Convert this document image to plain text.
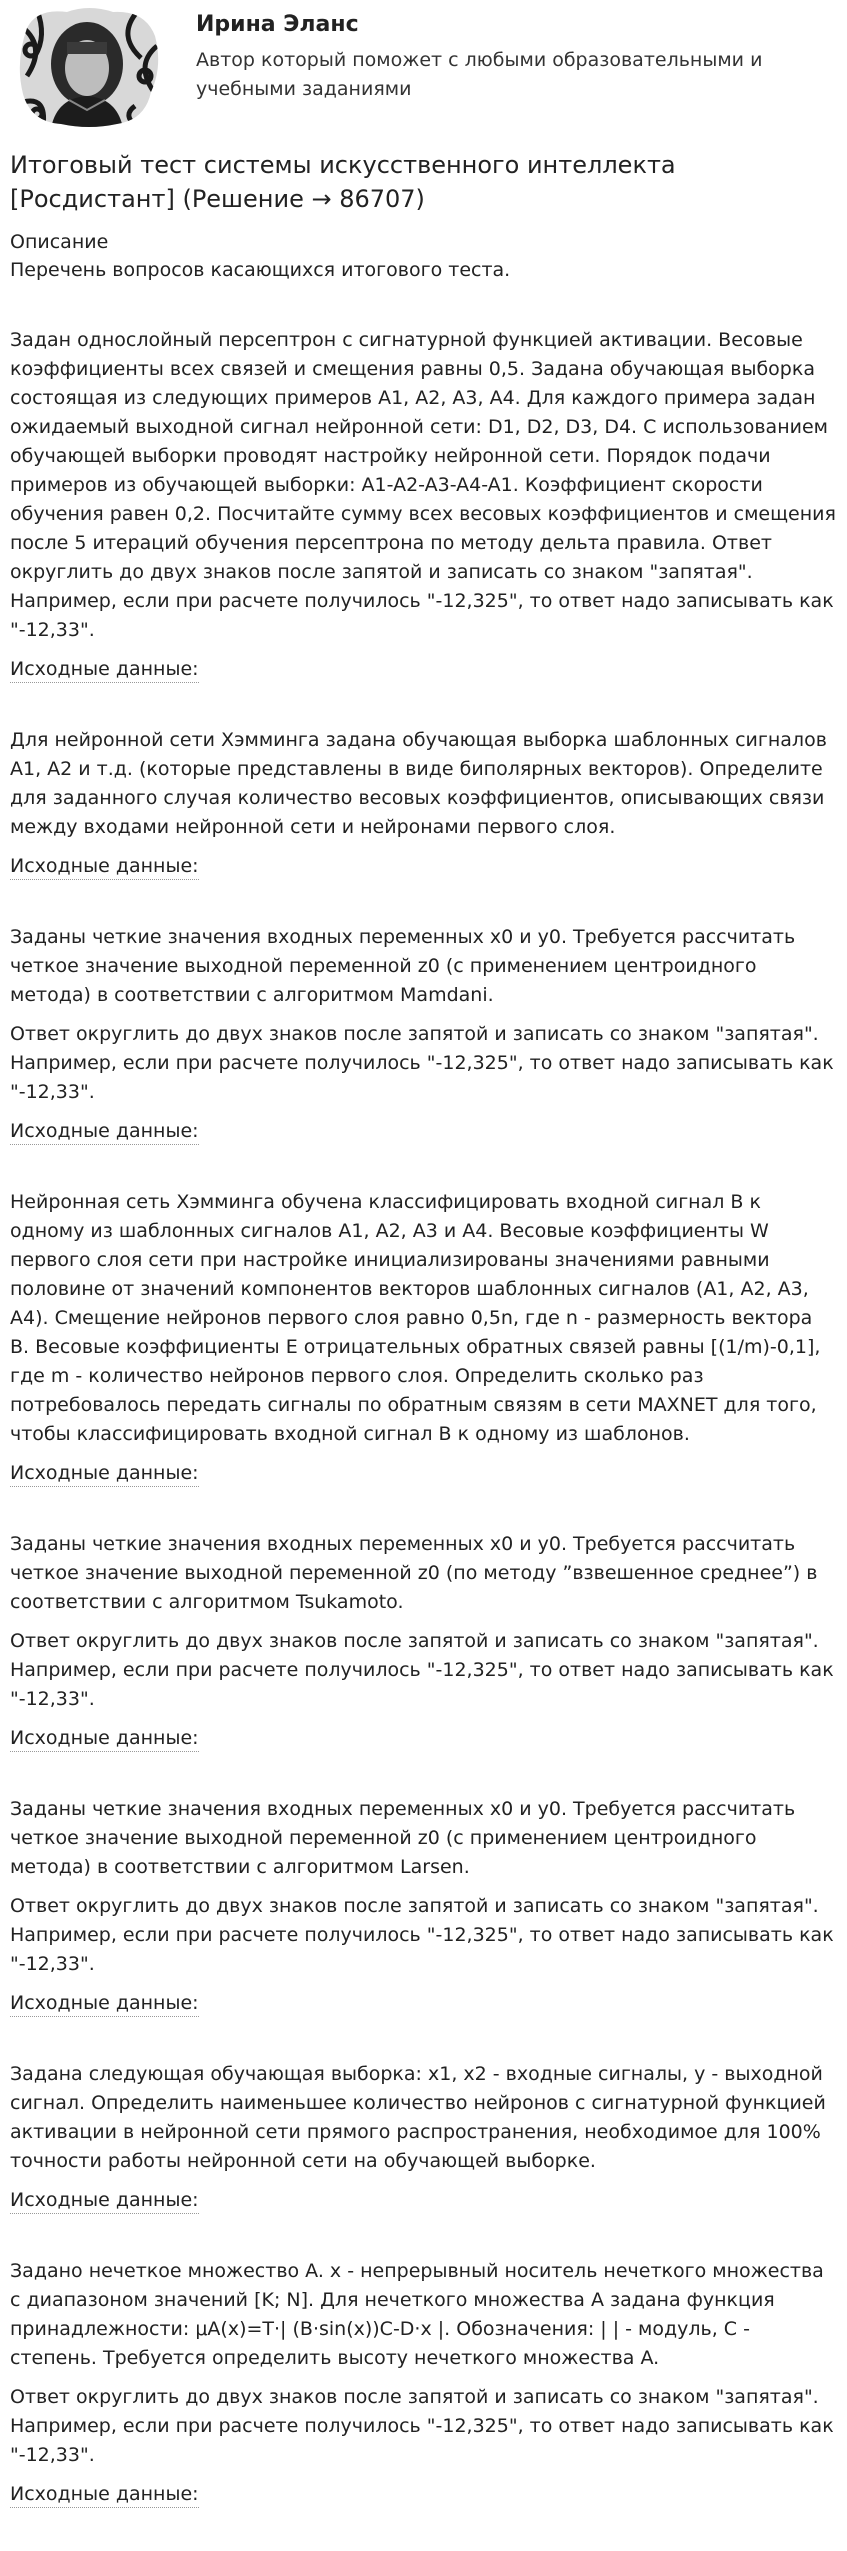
Ирина Эланс

Автор который поможет с любыми образовательными и учебными заданиями

Итоговый тест системы искусственного интеллекта [Росдистант] (Решение → 86707)

Описание

Перечень вопросов касающихся итогового теста.

Задан однослойный персептрон с сигнатурной функцией активации. Весовые коэффициенты всех связей и смещения равны 0,5. Задана обучающая выборка состоящая из следующих примеров A1, A2, A3, A4. Для каждого примера задан ожидаемый выходной сигнал нейронной сети: D1, D2, D3, D4. С использованием обучающей выборки проводят настройку нейронной сети. Порядок подачи примеров из обучающей выборки: A1-A2-A3-A4-A1. Коэффициент скорости обучения равен 0,2. Посчитайте сумму всех весовых коэффициентов и смещения после 5 итераций обучения персептрона по методу дельта правила. Ответ округлить до двух знаков после запятой и записать со знаком "запятая". Например, если при расчете получилось "-12,325", то ответ надо записывать как "-12,33".

Исходные данные:

Для нейронной сети Хэмминга задана обучающая выборка шаблонных сигналов A1, A2 и т.д. (которые представлены в виде биполярных векторов). Определите для заданного случая количество весовых коэффициентов, описывающих связи между входами нейронной сети и нейронами первого слоя.

Исходные данные:

Заданы четкие значения входных переменных x0 и y0. Требуется рассчитать четкое значение выходной переменной z0 (с применением центроидного метода) в соответствии с алгоритмом Mamdani.

Ответ округлить до двух знаков после запятой и записать со знаком "запятая". Например, если при расчете получилось "-12,325", то ответ надо записывать как "-12,33".

Исходные данные:

Нейронная сеть Хэмминга обучена классифицировать входной сигнал B к одному из шаблонных сигналов A1, A2, A3 и A4. Весовые коэффициенты W первого слоя сети при настройке инициализированы значениями равными половине от значений компонентов векторов шаблонных сигналов (A1, A2, A3, A4). Смещение нейронов первого слоя равно 0,5n, где n - размерность вектора B. Весовые коэффициенты E отрицательных обратных связей равны [(1/m)-0,1], где m - количество нейронов первого слоя. Определить сколько раз потребовалось передать сигналы по обратным связям в сети MAXNET для того, чтобы классифицировать входной сигнал B к одному из шаблонов.

Исходные данные:

Заданы четкие значения входных переменных x0 и y0. Требуется рассчитать четкое значение выходной переменной z0 (по методу ”взвешенное среднее”) в соответствии с алгоритмом Tsukamoto.

Ответ округлить до двух знаков после запятой и записать со знаком "запятая". Например, если при расчете получилось "-12,325", то ответ надо записывать как "-12,33".

Исходные данные:

Заданы четкие значения входных переменных x0 и y0. Требуется рассчитать четкое значение выходной переменной z0 (с применением центроидного метода) в соответствии с алгоритмом Larsen.

Ответ округлить до двух знаков после запятой и записать со знаком "запятая". Например, если при расчете получилось "-12,325", то ответ надо записывать как "-12,33".

Исходные данные:

Задана следующая обучающая выборка: x1, x2 - входные сигналы, y - выходной сигнал. Определить наименьшее количество нейронов с сигнатурной функцией активации в нейронной сети прямого распространения, необходимое для 100% точности работы нейронной сети на обучающей выборке.

Исходные данные:

Задано нечеткое множество A. x - непрерывный носитель нечеткого множества с диапазоном значений [K; N]. Для нечеткого множества A задана функция принадлежности: μA(x)=T·| (B·sin(x))C-D·x |. Обозначения: | | - модуль, C - степень. Требуется определить высоту нечеткого множества A.

Ответ округлить до двух знаков после запятой и записать со знаком "запятая". Например, если при расчете получилось "-12,325", то ответ надо записывать как "-12,33".

Исходные данные:
